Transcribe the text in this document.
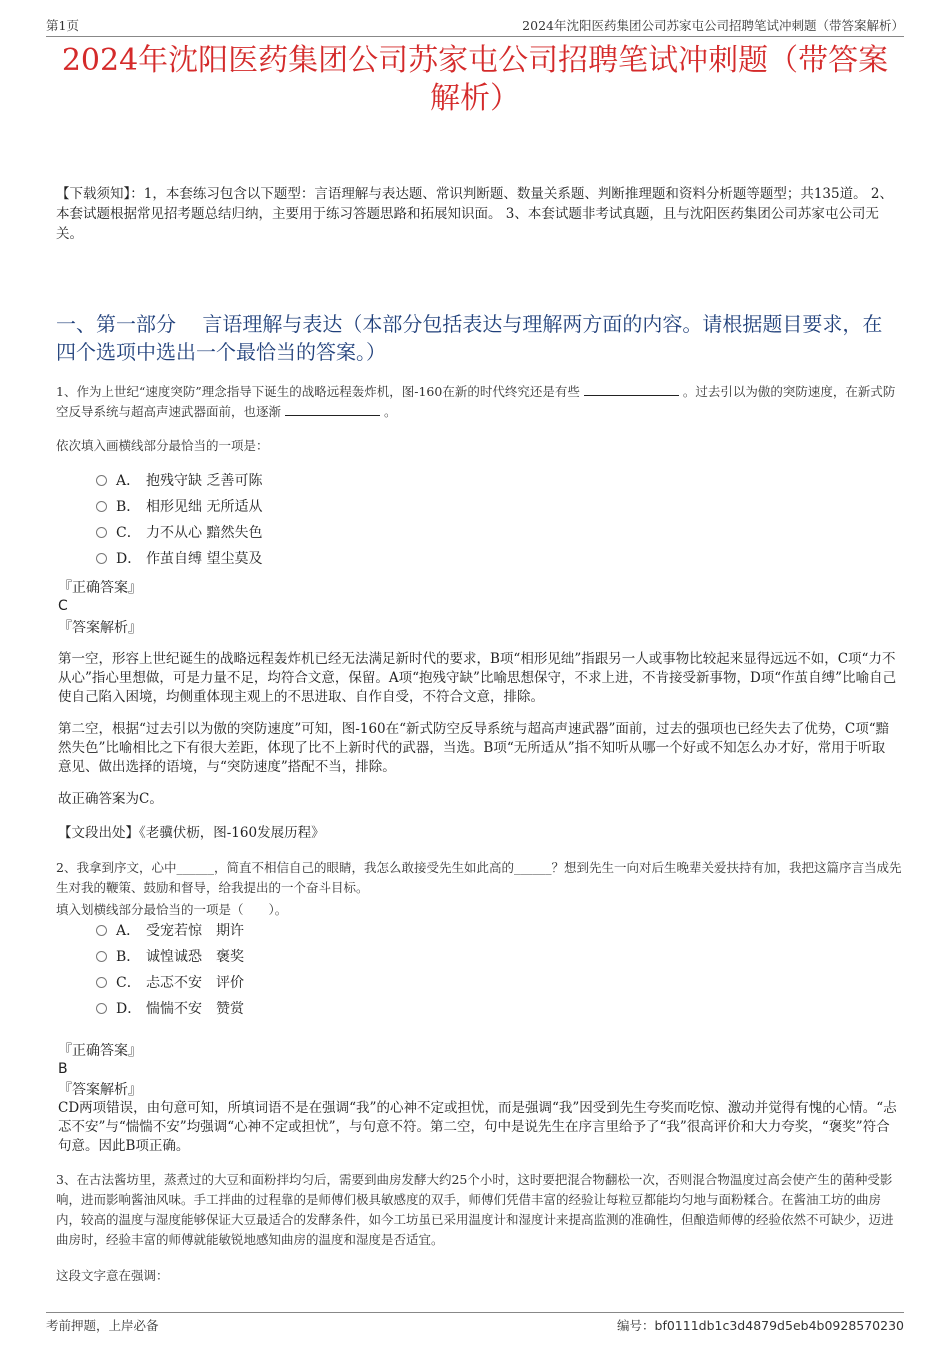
第1页	2024年沈阳医药集团公司苏家屯公司招聘笔试冲刺题（带答案解析）
2024年沈阳医药集团公司苏家屯公司招聘笔试冲刺题（带答案解析）
【下载须知】：1，本套练习包含以下题型：言语理解与表达题、常识判断题、数量关系题、判断推理题和资料分析题等题型；共135道。 2、本套试题根据常见招考题总结归纳，主要用于练习答题思路和拓展知识面。 3、本套试题非考试真题，且与沈阳医药集团公司苏家屯公司无关。
一、第一部分　 言语理解与表达（本部分包括表达与理解两方面的内容。请根据题目要求，在四个选项中选出一个最恰当的答案。）
1、作为上世纪“速度突防”理念指导下诞生的战略远程轰炸机，图-160在新的时代终究还是有些	。过去引以为傲的突防速度，在新式防空反导系统与超高声速武器面前，也逐渐	。
依次填入画横线部分最恰当的一项是：
A． 抱残守缺 乏善可陈
B． 相形见绌 无所适从
C． 力不从心 黯然失色
D． 作茧自缚 望尘莫及
『正确答案』
C
『答案解析』
第一空，形容上世纪诞生的战略远程轰炸机已经无法满足新时代的要求，B项“相形见绌”指跟另一人或事物比较起来显得远远不如，C项“力不从心”指心里想做，可是力量不足，均符合文意，保留。A项“抱残守缺”比喻思想保守，不求上进，不肯接受新事物，D项“作茧自缚”比喻自己使自己陷入困境，均侧重体现主观上的不思进取、自作自受，不符合文意，排除。
第二空，根据“过去引以为傲的突防速度”可知，图-160在“新式防空反导系统与超高声速武器”面前，过去的强项也已经失去了优势，C项“黯然失色”比喻相比之下有很大差距，体现了比不上新时代的武器，当选。B项“无所适从”指不知听从哪一个好或不知怎么办才好，常用于听取意见、做出选择的语境，与“突防速度”搭配不当，排除。
故正确答案为C。
【文段出处】《老骥伏枥，图-160发展历程》
2、我拿到序文，心中______，简直不相信自己的眼睛，我怎么敢接受先生如此高的______？想到先生一向对后生晚辈关爱扶持有加，我把这篇序言当成先生对我的鞭策、鼓励和督导，给我提出的一个奋斗目标。
填入划横线部分最恰当的一项是（　　）。
A． 受宠若惊　期许
B． 诚惶诚恐　褒奖
C． 忐忑不安　评价
D． 惴惴不安　赞赏
『正确答案』
B
『答案解析』
CD两项错误，由句意可知，所填词语不是在强调“我”的心神不定或担忧，而是强调“我”因受到先生夸奖而吃惊、激动并觉得有愧的心情。“忐忑不安”与“惴惴不安”均强调“心神不定或担忧”，与句意不符。第二空，句中是说先生在序言里给予了“我”很高评价和大力夸奖，“褒奖”符合句意。因此B项正确。
3、在古法酱坊里，蒸煮过的大豆和面粉拌均匀后，需要到曲房发酵大约25个小时，这时要把混合物翻松一次，否则混合物温度过高会使产生的菌种受影响，进而影响酱油风味。手工拌曲的过程靠的是师傅们极具敏感度的双手，师傅们凭借丰富的经验让每粒豆都能均匀地与面粉糅合。在酱油工坊的曲房内，较高的温度与湿度能够保证大豆最适合的发酵条件，如今工坊虽已采用温度计和湿度计来提高监测的准确性，但酿造师傅的经验依然不可缺少，迈进曲房时，经验丰富的师傅就能敏锐地感知曲房的温度和湿度是否适宜。
这段文字意在强调：
考前押题，上岸必备	编号：bf0111db1c3d4879d5eb4b0928570230
